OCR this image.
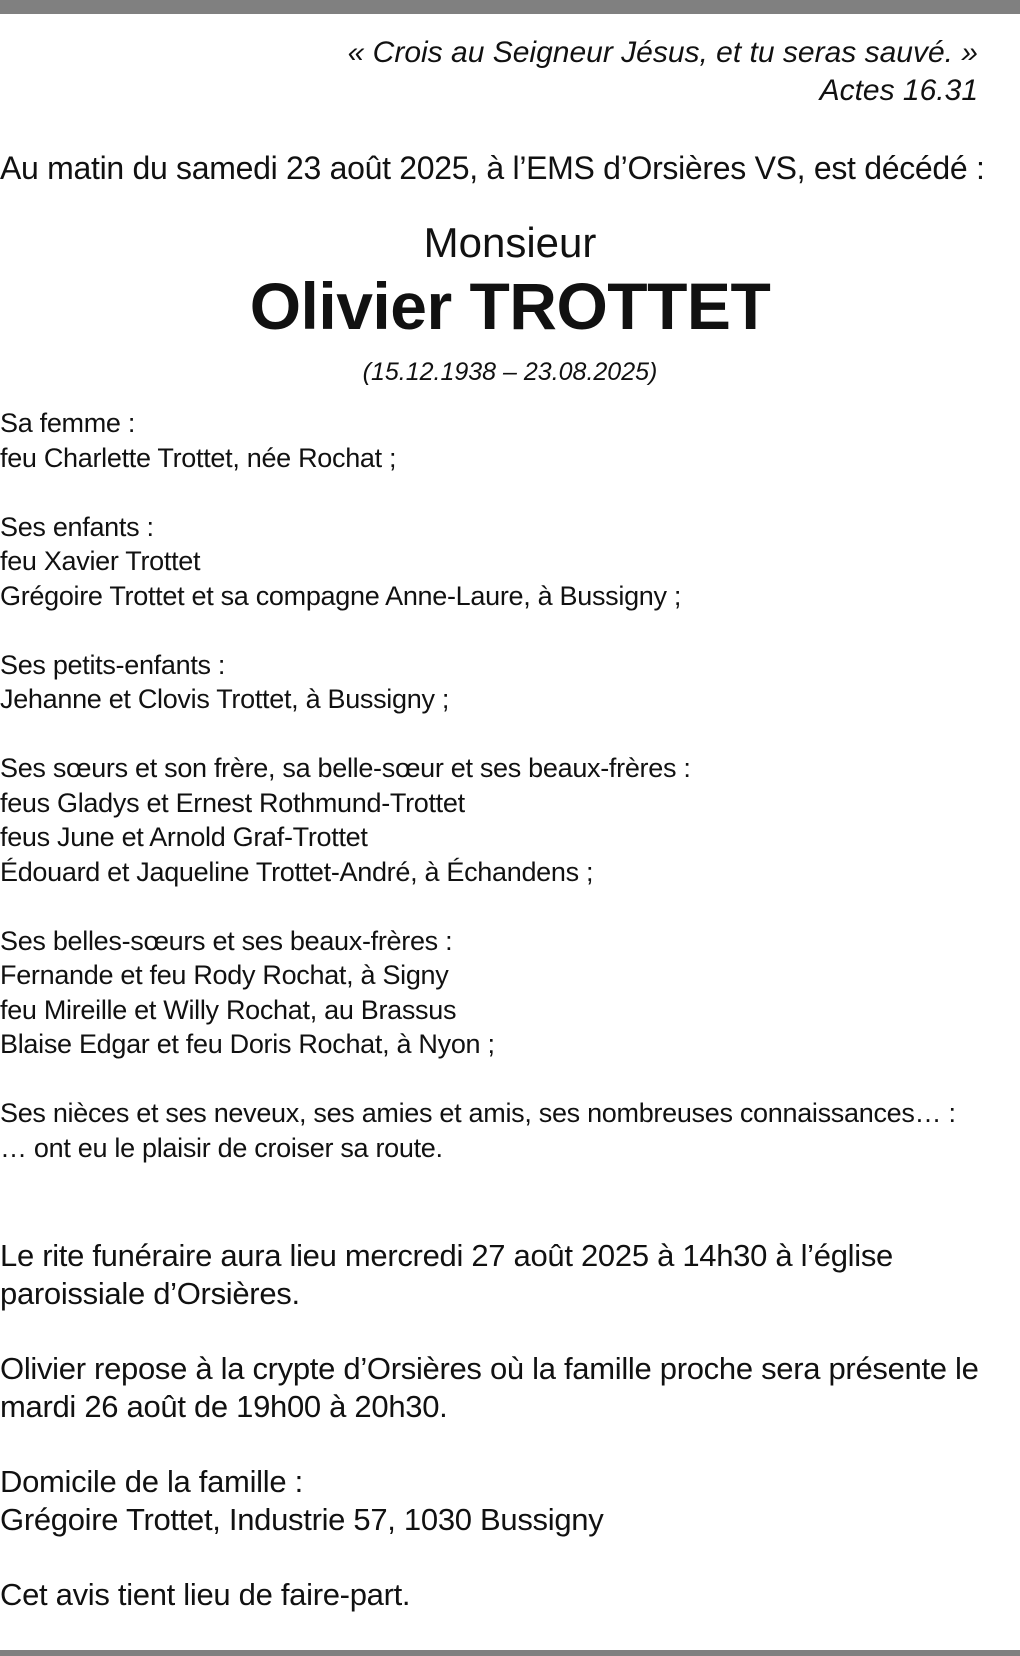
« Crois au Seigneur Jésus, et tu seras sauvé. »
Actes 16.31
Au matin du samedi 23 août 2025, à l’EMS d’Orsières VS, est décédé :
Monsieur
Olivier TROTTET
(15.12.1938 – 23.08.2025)
Sa femme :
feu Charlette Trottet, née Rochat ;
Ses enfants :
feu Xavier Trottet
Grégoire Trottet et sa compagne Anne-Laure, à Bussigny ;
Ses petits-enfants :
Jehanne et Clovis Trottet, à Bussigny ;
Ses sœurs et son frère, sa belle-sœur et ses beaux-frères :
feus Gladys et Ernest Rothmund-Trottet
feus June et Arnold Graf-Trottet
Édouard et Jaqueline Trottet-André, à Échandens ;
Ses belles-sœurs et ses beaux-frères :
Fernande et feu Rody Rochat, à Signy
feu Mireille et Willy Rochat, au Brassus
Blaise Edgar et feu Doris Rochat, à Nyon ;
Ses nièces et ses neveux, ses amies et amis, ses nombreuses connaissances… :
… ont eu le plaisir de croiser sa route.

Le rite funéraire aura lieu mercredi 27 août 2025 à 14h30 à l’église paroissiale d’Orsières.

Olivier repose à la crypte d’Orsières où la famille proche sera présente le mardi 26 août de 19h00 à 20h30.

Domicile de la famille :
Grégoire Trottet, Industrie 57, 1030 Bussigny

Cet avis tient lieu de faire-part.
